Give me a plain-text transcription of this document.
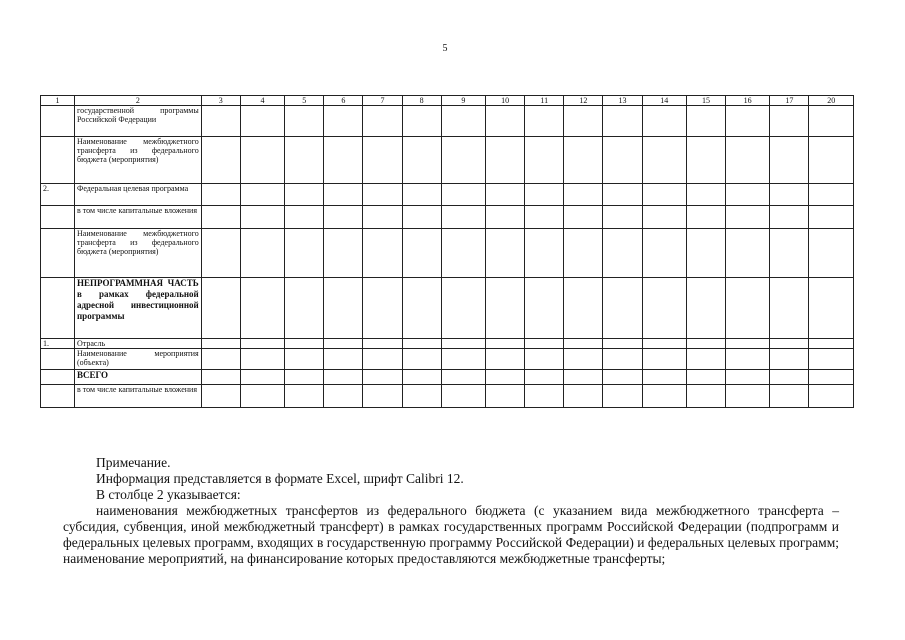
5
1	2	3	4	5	6	7	8	9	10	11	12	13	14	15	16	17	20
	государственной программы Российской Федерации																
	Наименование межбюджетного трансферта из федерального бюджета (мероприятия)																
2.	Федеральная целевая программа																
	в том числе капитальные вложения																
	Наименование межбюджетного трансферта из федерального бюджета (мероприятия)																
	НЕПРОГРАММНАЯ ЧАСТЬ в рамках федеральной адресной инвестиционной программы																
1.	Отрасль																
	Наименование мероприятия (объекта)																
	ВСЕГО																
	в том числе капитальные вложения																

Примечание.

Информация представляется в формате Excel, шрифт Calibri 12.

В столбце 2 указывается:

наименования межбюджетных трансфертов из федерального бюджета (с указанием вида межбюджетного трансферта – субсидия, субвенция, иной межбюджетный трансферт) в рамках государственных программ Российской Федерации (подпрограмм и федеральных целевых программ, входящих в государственную программу Российской Федерации) и федеральных целевых программ; наименование мероприятий, на финансирование которых предоставляются межбюджетные трансферты;
